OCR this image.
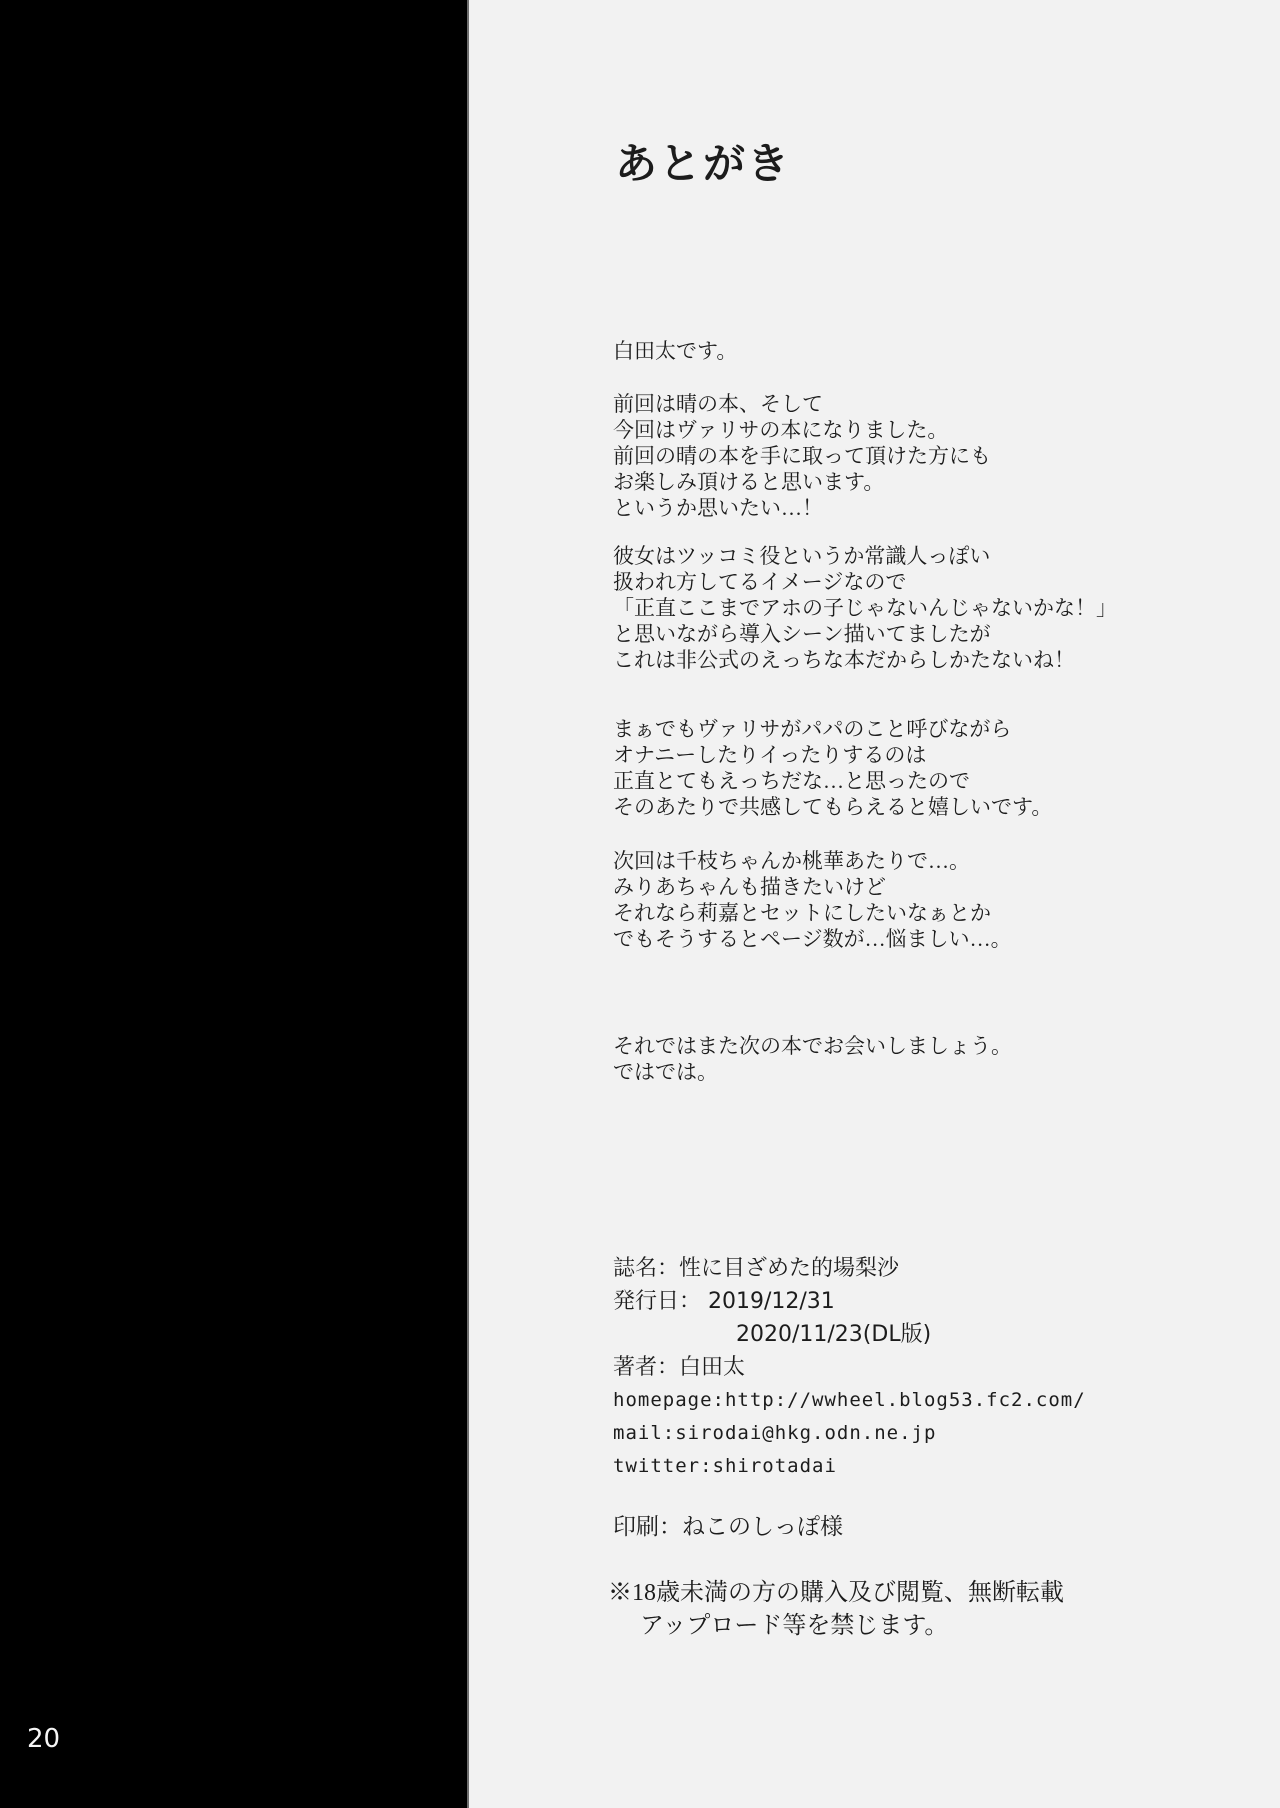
20
あとがき
白田太です。
前回は晴の本、そして
今回はヴァリサの本になりました。
前回の晴の本を手に取って頂けた方にも
お楽しみ頂けると思います。
というか思いたい…！
彼女はツッコミ役というか常識人っぽい
扱われ方してるイメージなので
「正直ここまでアホの子じゃないんじゃないかな！」
と思いながら導入シーン描いてましたが
これは非公式のえっちな本だからしかたないね！
まぁでもヴァリサがパパのこと呼びながら
オナニーしたりイったりするのは
正直とてもえっちだな…と思ったので
そのあたりで共感してもらえると嬉しいです。
次回は千枝ちゃんか桃華あたりで…。
みりあちゃんも描きたいけど
それなら莉嘉とセットにしたいなぁとか
でもそうするとページ数が…悩ましい…。
それではまた次の本でお会いしましょう。
ではでは。
誌名：性に目ざめた的場梨沙
発行日： 2019/12/31
2020/11/23(DL版)
著者：白田太
homepage:http://wwheel.blog53.fc2.com/
mail:sirodai@hkg.odn.ne.jp
twitter:shirotadai
印刷：ねこのしっぽ様
※18歳未満の方の購入及び閲覧、無断転載
アップロード等を禁じます。
